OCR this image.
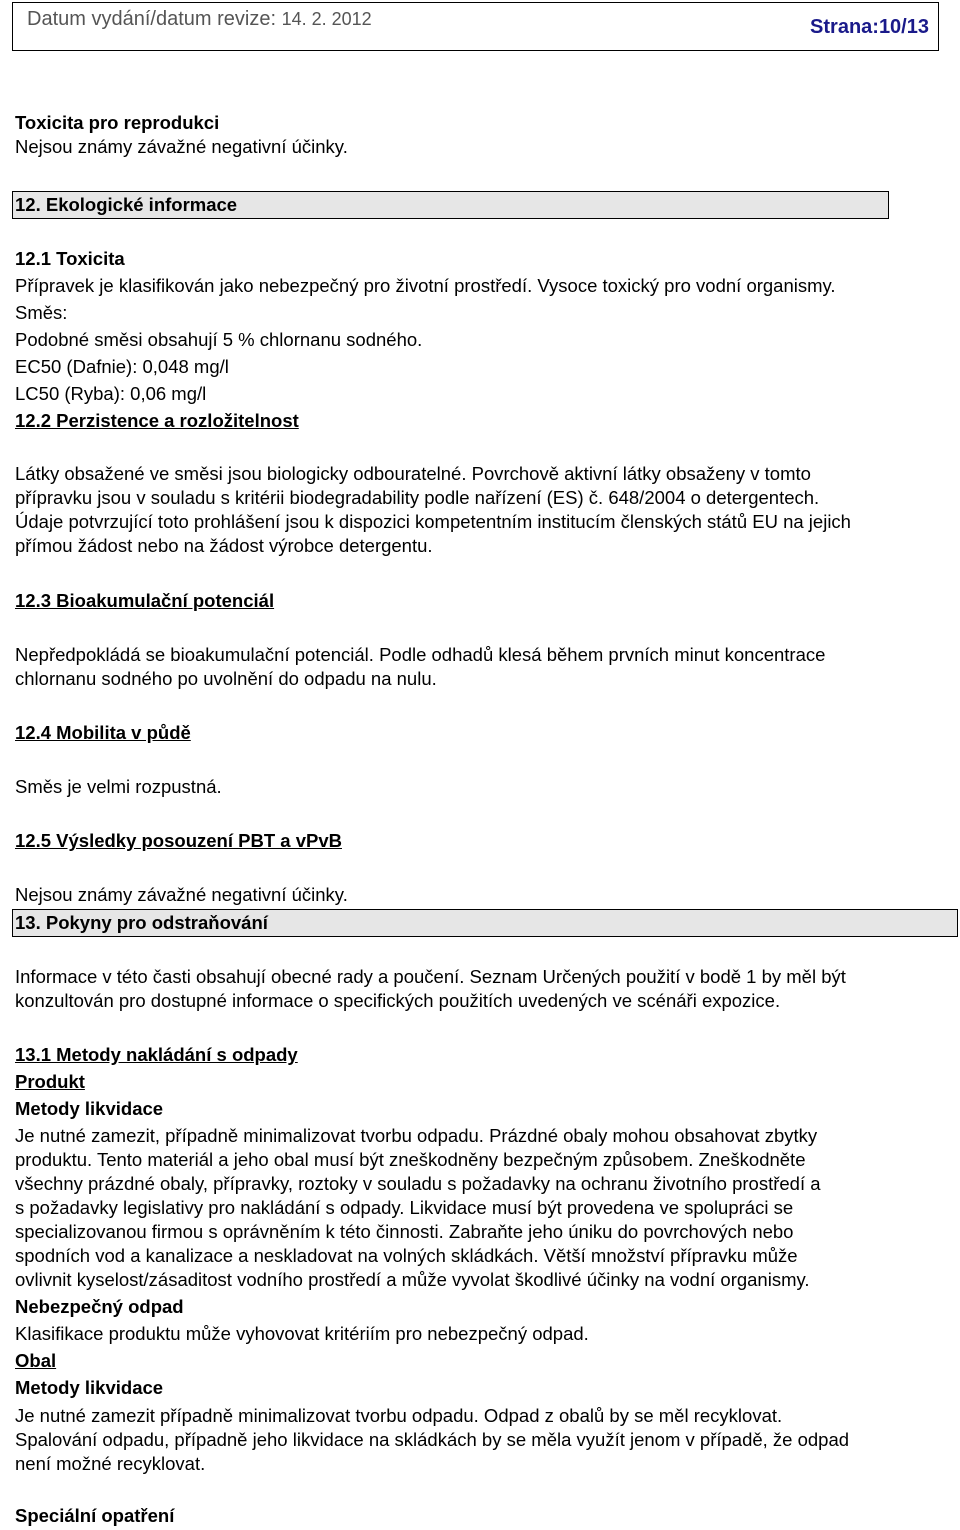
Datum vydání/datum revize: 14. 2. 2012	Strana:10/13
Toxicita pro reprodukci
Nejsou známy závažné negativní účinky.
12. Ekologické informace
12.1 Toxicita
Přípravek je klasifikován jako nebezpečný pro životní prostředí. Vysoce toxický pro vodní organismy.
Směs:
Podobné směsi obsahují 5 % chlornanu sodného.
EC50 (Dafnie): 0,048 mg/l
LC50 (Ryba): 0,06 mg/l
12.2 Perzistence a rozložitelnost
Látky obsažené ve směsi jsou biologicky odbouratelné. Povrchově aktivní látky obsaženy v tomto
přípravku jsou v souladu s kritérii biodegradability podle nařízení (ES) č. 648/2004 o detergentech.
Údaje potvrzující toto prohlášení jsou k dispozici kompetentním institucím členských států EU na jejich
přímou žádost nebo na žádost výrobce detergentu.
12.3 Bioakumulační potenciál
Nepředpokládá se bioakumulační potenciál. Podle odhadů klesá během prvních minut koncentrace
chlornanu sodného po uvolnění do odpadu na nulu.
12.4 Mobilita v půdě
Směs je velmi rozpustná.
12.5 Výsledky posouzení PBT a vPvB
Nejsou známy závažné negativní účinky.
13. Pokyny pro odstraňování
Informace v této časti obsahují obecné rady a poučení. Seznam Určených použití v bodě 1 by měl být
konzultován pro dostupné informace o specifických použitích uvedených ve scénáři expozice.
13.1 Metody nakládání s odpady
Produkt
Metody likvidace
Je nutné zamezit, případně minimalizovat tvorbu odpadu. Prázdné obaly mohou obsahovat zbytky
produktu. Tento materiál a jeho obal musí být zneškodněny bezpečným způsobem. Zneškodněte
všechny prázdné obaly, přípravky, roztoky v souladu s požadavky na ochranu životního prostředí a
s požadavky legislativy pro nakládání s odpady. Likvidace musí být provedena ve spolupráci se
specializovanou firmou s oprávněním k této činnosti. Zabraňte jeho úniku do povrchových nebo
spodních vod a kanalizace a neskladovat na volných skládkách. Větší množství přípravku může
ovlivnit kyselost/zásaditost vodního prostředí a může vyvolat škodlivé účinky na vodní organismy.
Nebezpečný odpad
Klasifikace produktu může vyhovovat kritériím pro nebezpečný odpad.
Obal
Metody likvidace
Je nutné zamezit případně minimalizovat tvorbu odpadu. Odpad z obalů by se měl recyklovat.
Spalování odpadu, případně jeho likvidace na skládkách by se měla využít jenom v případě, že odpad
není možné recyklovat.
Speciální opatření
